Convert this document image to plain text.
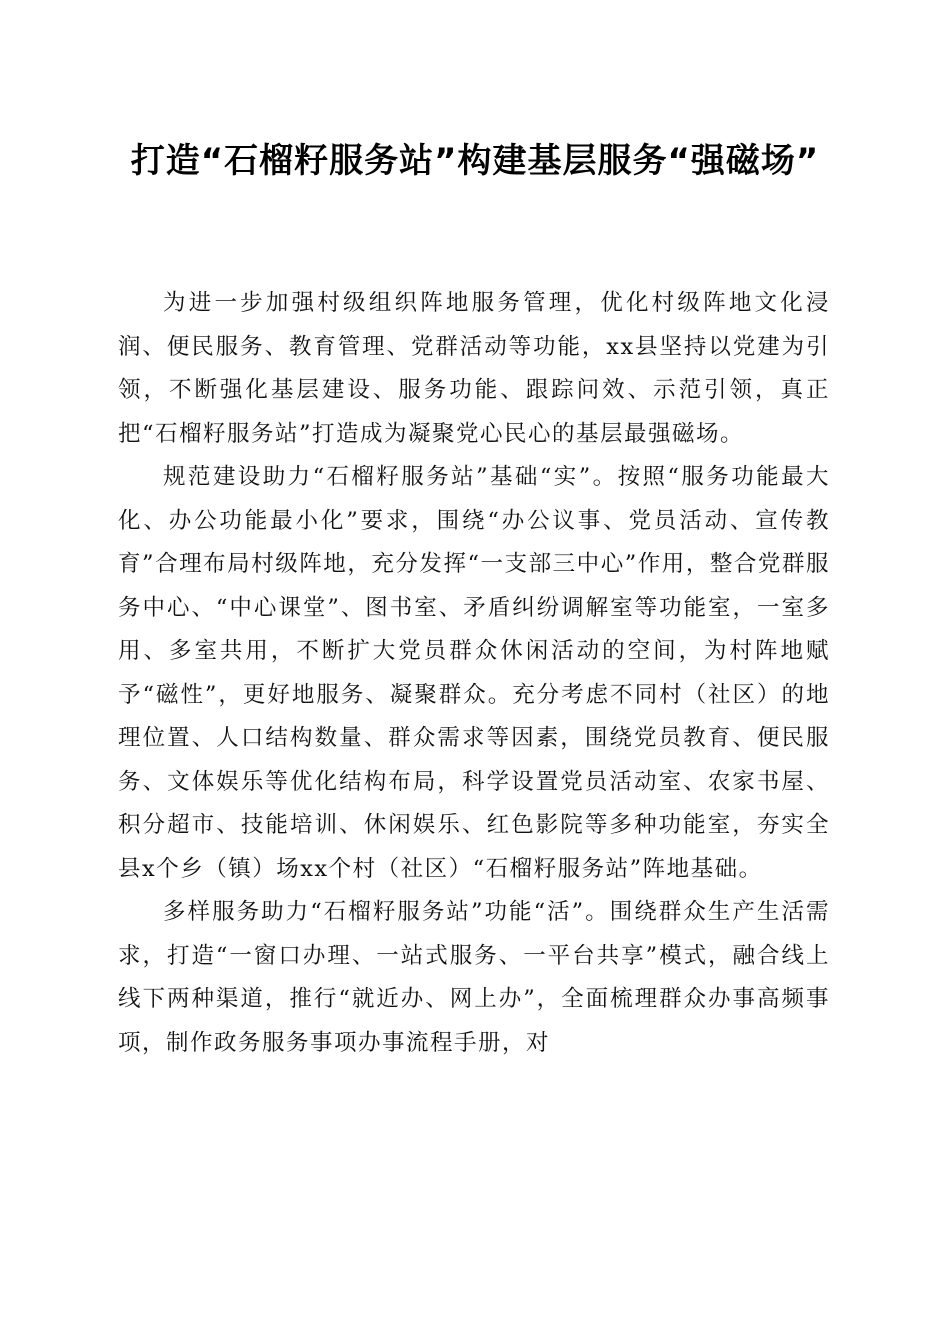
打造“石榴籽服务站”构建基层服务“强磁场”

为进一步加强村级组织阵地服务管理，优化村级阵地文化浸润、便民服务、教育管理、党群活动等功能，xx县坚持以党建为引领，不断强化基层建设、服务功能、跟踪问效、示范引领，真正把“石榴籽服务站”打造成为凝聚党心民心的基层最强磁场。

规范建设助力“石榴籽服务站”基础“实”。按照“服务功能最大化、办公功能最小化”要求，围绕“办公议事、党员活动、宣传教育”合理布局村级阵地，充分发挥“一支部三中心”作用，整合党群服务中心、“中心课堂”、图书室、矛盾纠纷调解室等功能室，一室多用、多室共用，不断扩大党员群众休闲活动的空间，为村阵地赋予“磁性”，更好地服务、凝聚群众。充分考虑不同村（社区）的地理位置、人口结构数量、群众需求等因素，围绕党员教育、便民服务、文体娱乐等优化结构布局，科学设置党员活动室、农家书屋、积分超市、技能培训、休闲娱乐、红色影院等多种功能室，夯实全县x个乡（镇）场xx个村（社区）“石榴籽服务站”阵地基础。

多样服务助力“石榴籽服务站”功能“活”。围绕群众生产生活需求，打造“一窗口办理、一站式服务、一平台共享”模式，融合线上线下两种渠道，推行“就近办、网上办”，全面梳理群众办事高频事项，制作政务服务事项办事流程手册，对
